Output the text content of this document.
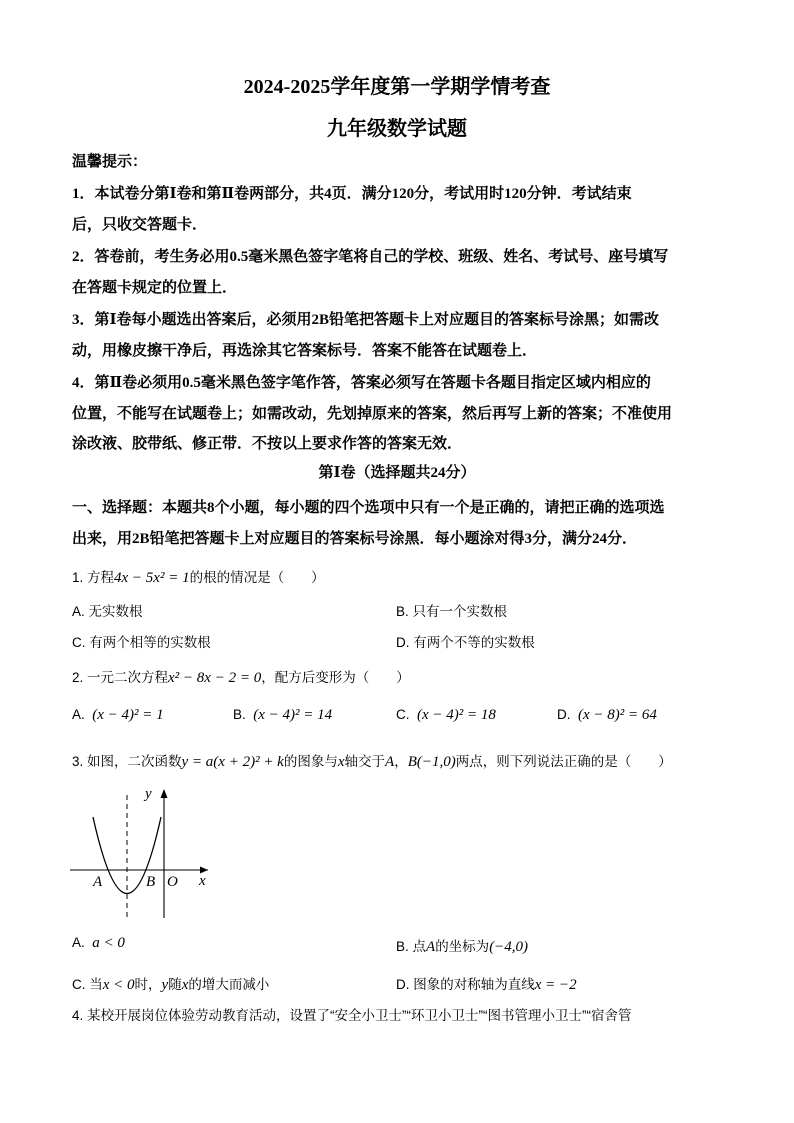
2024-2025学年度第一学期学情考查
九年级数学试题
温馨提示：
1．本试卷分第Ⅰ卷和第Ⅱ卷两部分，共4页．满分120分，考试用时120分钟．考试结束
后，只收交答题卡．
2．答卷前，考生务必用0.5毫米黑色签字笔将自己的学校、班级、姓名、考试号、座号填写
在答题卡规定的位置上．
3．第Ⅰ卷每小题选出答案后，必须用2B铅笔把答题卡上对应题目的答案标号涂黑；如需改
动，用橡皮擦干净后，再选涂其它答案标号．答案不能答在试题卷上．
4．第Ⅱ卷必须用0.5毫米黑色签字笔作答，答案必须写在答题卡各题目指定区域内相应的
位置，不能写在试题卷上；如需改动，先划掉原来的答案，然后再写上新的答案；不准使用
涂改液、胶带纸、修正带．不按以上要求作答的答案无效．
第Ⅰ卷（选择题共24分）
一、选择题：本题共8个小题，每小题的四个选项中只有一个是正确的，请把正确的选项选
出来，用2B铅笔把答题卡上对应题目的答案标号涂黑．每小题涂对得3分，满分24分．
1. 方程4x − 5x² = 1的根的情况是（　　）
A. 无实数根	B. 只有一个实数根
C. 有两个相等的实数根	D. 有两个不等的实数根
2. 一元二次方程x² − 8x − 2 = 0，配方后变形为（　　）
A. (x − 4)² = 1	B. (x − 4)² = 14	C. (x − 4)² = 18	D. (x − 8)² = 64
3. 如图，二次函数y = a(x + 2)² + k的图象与x轴交于A，B(−1,0)两点，则下列说法正确的是（　　）
y
x
A	B O
A. a < 0	B. 点A的坐标为(−4,0)
C. 当x < 0时，y随x的增大而减小	D. 图象的对称轴为直线x = −2
4. 某校开展岗位体验劳动教育活动，设置了“安全小卫士”“环卫小卫士”“图书管理小卫士”“宿舍管
